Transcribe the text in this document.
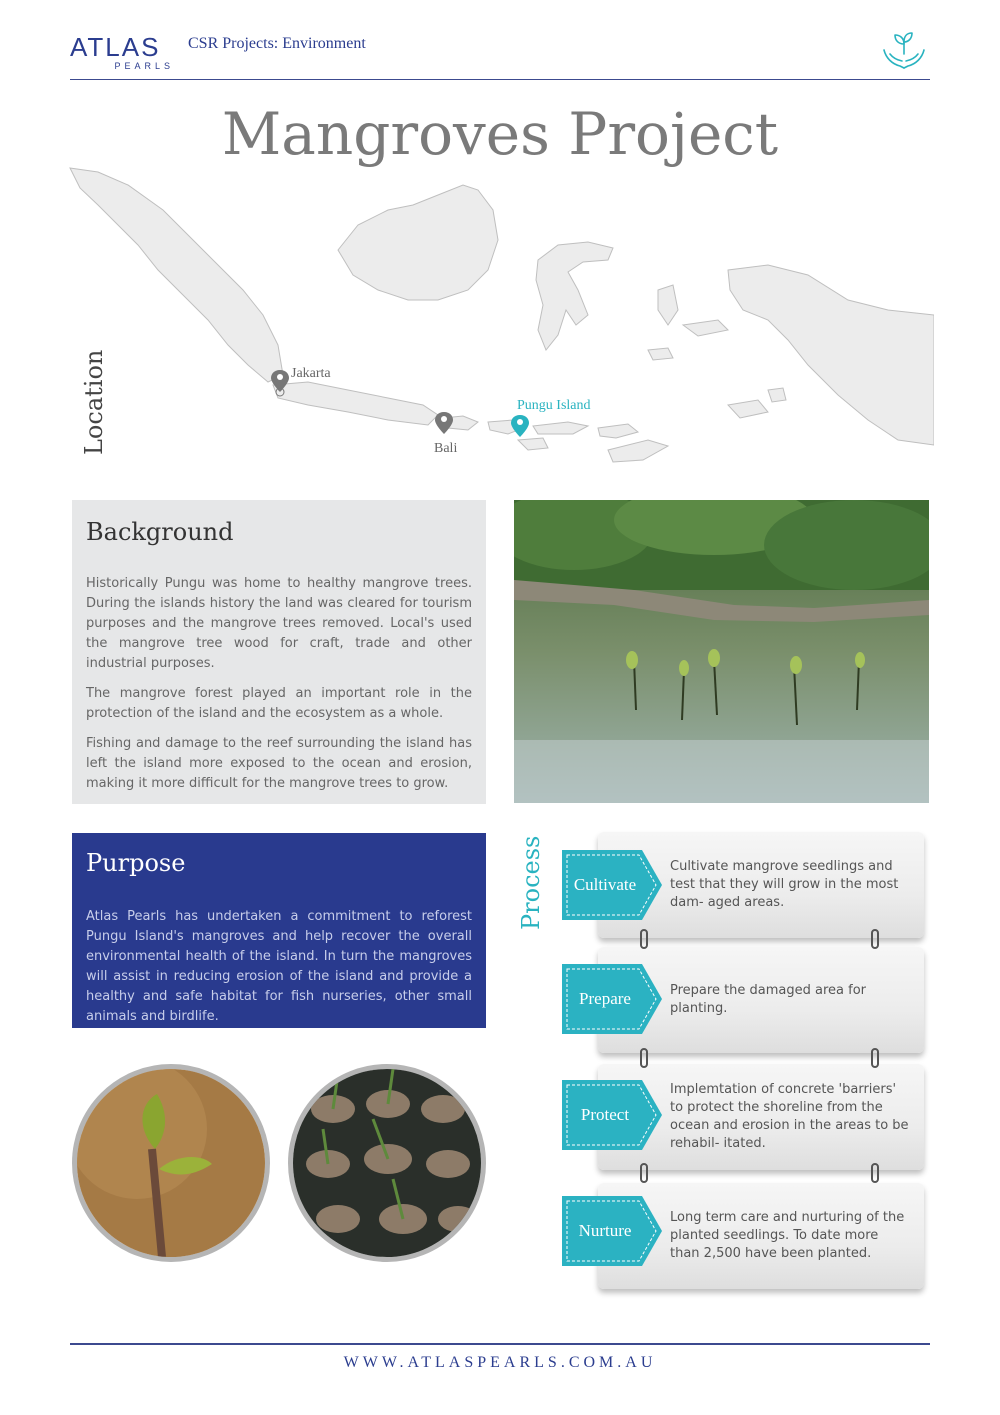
ATLAS
PEARLS
CSR Projects: Environment
Mangroves Project
Location	Jakarta
Bali
Pungu Island
Background

Historically Pungu was home to healthy mangrove trees. During the islands history the land was cleared for tourism purposes and the mangrove trees removed. Local's used the mangrove tree wood for craft, trade and other industrial purposes.

The mangrove forest played an important role in the protection of the island and the ecosystem as a whole.

Fishing and damage to the reef surrounding the island has left the island more exposed to the ocean and erosion, making it more difficult for the mangrove trees to grow.

Purpose

Atlas Pearls has undertaken a commitment to reforest Pungu Island's mangroves and help recover the overall environmental health of the island. In turn the mangroves will assist in reducing erosion of the island and provide a healthy and safe habitat for fish nurseries, other small animals and birdlife.

Process	Cultivate mangrove seedlings and test that they will grow in the most dam- aged areas.
Cultivate
Prepare the damaged area for planting.
Prepare
Implemtation of concrete 'barriers' to protect the shoreline from the ocean and erosion in the areas to be rehabil- itated.
Protect
Long term care and nurturing of the planted seedlings. To date more than 2,500 have been planted.
Nurture
WWW.ATLASPEARLS.COM.AU
